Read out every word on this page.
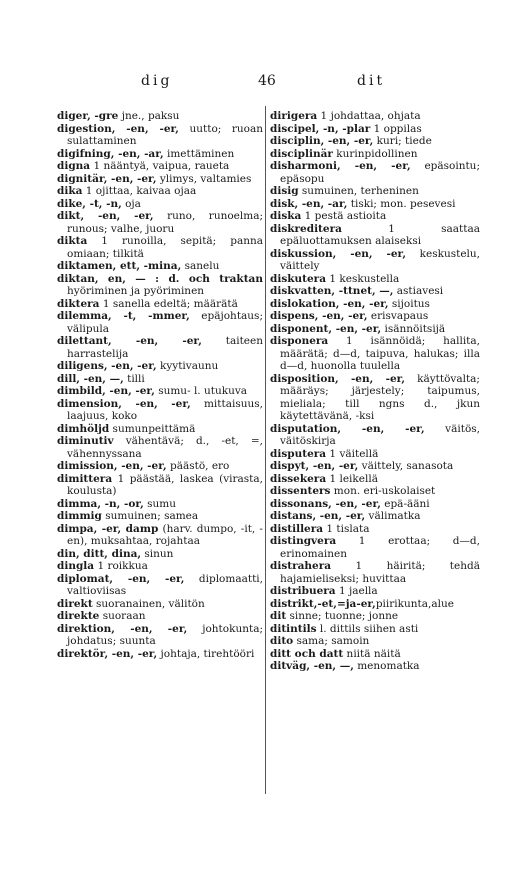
dig	46	dit
diger, -gre jne., paksu
digestion, -en, -er, uutto; ruoan sulattaminen
digifning, -en, -ar, imettäminen
digna 1 nääntyä, vaipua, raueta
dignitär, -en, -er, ylimys, valtamies
dika 1 ojittaa, kaivaa ojaa
dike, -t, -n, oja
dikt, -en, -er, runo, runoelma; runous; valhe, juoru
dikta 1 runoilla, sepitä; panna omiaan; tilkitä
diktamen, ett, -mina, sanelu
diktan, en, — : d. och traktan hyöriminen ja pyöriminen
diktera 1 sanella edeltä; määrätä
dilemma, -t, -mmer, epäjohtaus; välipula
dilettant, -en, -er, taiteen harrastelija
diligens, -en, -er, kyytivaunu
dill, -en, —, tilli
dimbild, -en, -er, sumu- l. utukuva
dimension, -en, -er, mittaisuus, laajuus, koko
dimhöljd sumunpeittämä
diminutiv vähentävä; d., -et, =, vähennyssana
dimission, -en, -er, päästö, ero
dimittera 1 päästää, laskea (virasta, koulusta)
dimma, -n, -or, sumu
dimmig sumuinen; samea
dimpa, -er, damp (harv. dumpo, -it, -en), muksahtaa, rojahtaa
din, ditt, dina, sinun
dingla 1 roikkua
diplomat, -en, -er, diplomaatti, valtioviisas
direkt suoranainen, välitön
direkte suoraan
direktion, -en, -er, johtokunta; johdatus; suunta
direktör, -en, -er, johtaja, tirehtööri
dirigera 1 johdattaa, ohjata
discipel, -n, -plar 1 oppilas
disciplin, -en, -er, kuri; tiede
disciplinär kurinpidollinen
disharmoni, -en, -er, epäsointu; epäsopu
disig sumuinen, terheninen
disk, -en, -ar, tiski; mon. pesevesi
diska 1 pestä astioita
diskreditera 1 saattaa epäluottamuksen alaiseksi
diskussion, -en, -er, keskustelu, väittely
diskutera 1 keskustella
diskvatten, -ttnet, —, astiavesi
dislokation, -en, -er, sijoitus
dispens, -en, -er, erisvapaus
disponent, -en, -er, isännöitsijä
disponera 1 isännöidä; hallita, määrätä; d—d, taipuva, halukas; illa d—d, huonolla tuulella
disposition, -en, -er, käyttövalta; määräys; järjestely; taipumus, mieliala; till ngns d., jkun käytettävänä, -ksi
disputation, -en, -er, väitös, väitöskirja
disputera 1 väitellä
dispyt, -en, -er, väittely, sanasota
dissekera 1 leikellä
dissenters mon. eri-uskolaiset
dissonans, -en, -er, epä-ääni
distans, -en, -er, välimatka
distillera 1 tislata
distingvera 1 erottaa; d—d, erinomainen
distrahera 1 häiritä; tehdä hajamieliseksi; huvittaa
distribuera 1 jaella
distrikt,-et,=ja-er,piirikunta,alue
dit sinne; tuonne; jonne
ditintils l. dittils siihen asti
dito sama; samoin
ditt och datt niitä näitä
ditväg, -en, —, menomatka
